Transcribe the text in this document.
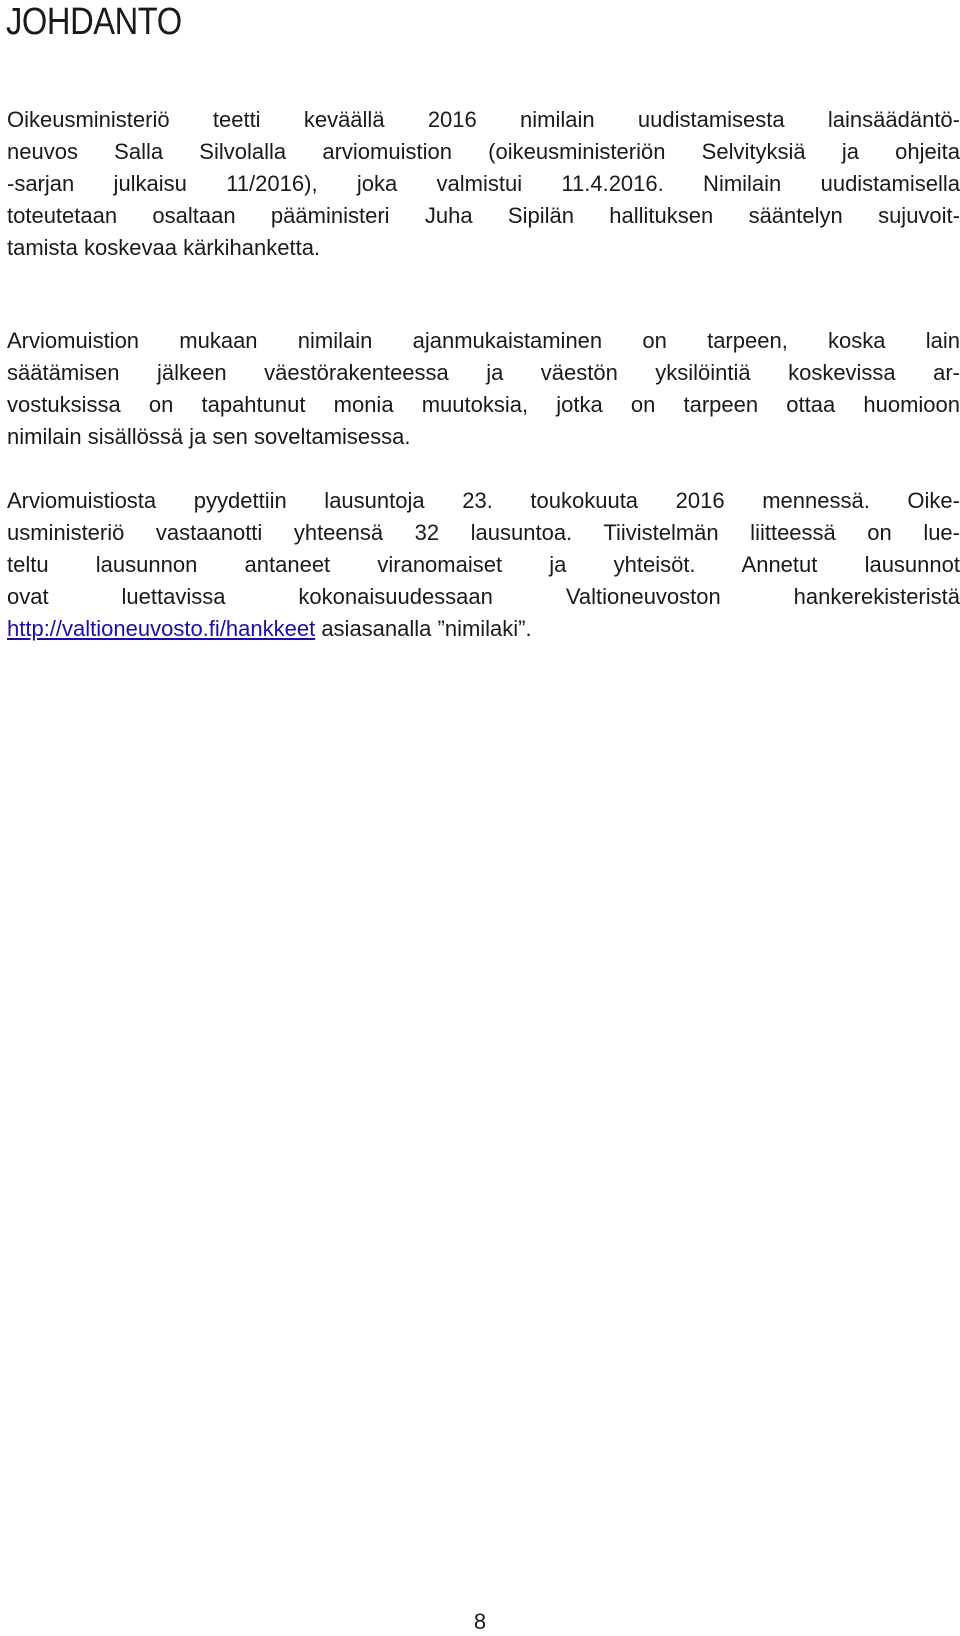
JOHDANTO
Oikeusministeriö teetti keväällä 2016 nimilain uudistamisesta lainsäädäntö-
neuvos Salla Silvolalla arviomuistion (oikeusministeriön Selvityksiä ja ohjeita
-sarjan julkaisu 11/2016), joka valmistui 11.4.2016. Nimilain uudistamisella
toteutetaan osaltaan pääministeri Juha Sipilän hallituksen sääntelyn sujuvoit-
tamista koskevaa kärkihanketta.
Arviomuistion mukaan nimilain ajanmukaistaminen on tarpeen, koska lain
säätämisen jälkeen väestörakenteessa ja väestön yksilöintiä koskevissa ar-
vostuksissa on tapahtunut monia muutoksia, jotka on tarpeen ottaa huomioon
nimilain sisällössä ja sen soveltamisessa.
Arviomuistiosta pyydettiin lausuntoja 23. toukokuuta 2016 mennessä. Oike-
usministeriö vastaanotti yhteensä 32 lausuntoa. Tiivistelmän liitteessä on lue-
teltu lausunnon antaneet viranomaiset ja yhteisöt. Annetut lausunnot
ovat luettavissa kokonaisuudessaan Valtioneuvoston hankerekisteristä
http://valtioneuvosto.fi/hankkeet asiasanalla ”nimilaki”.
8
